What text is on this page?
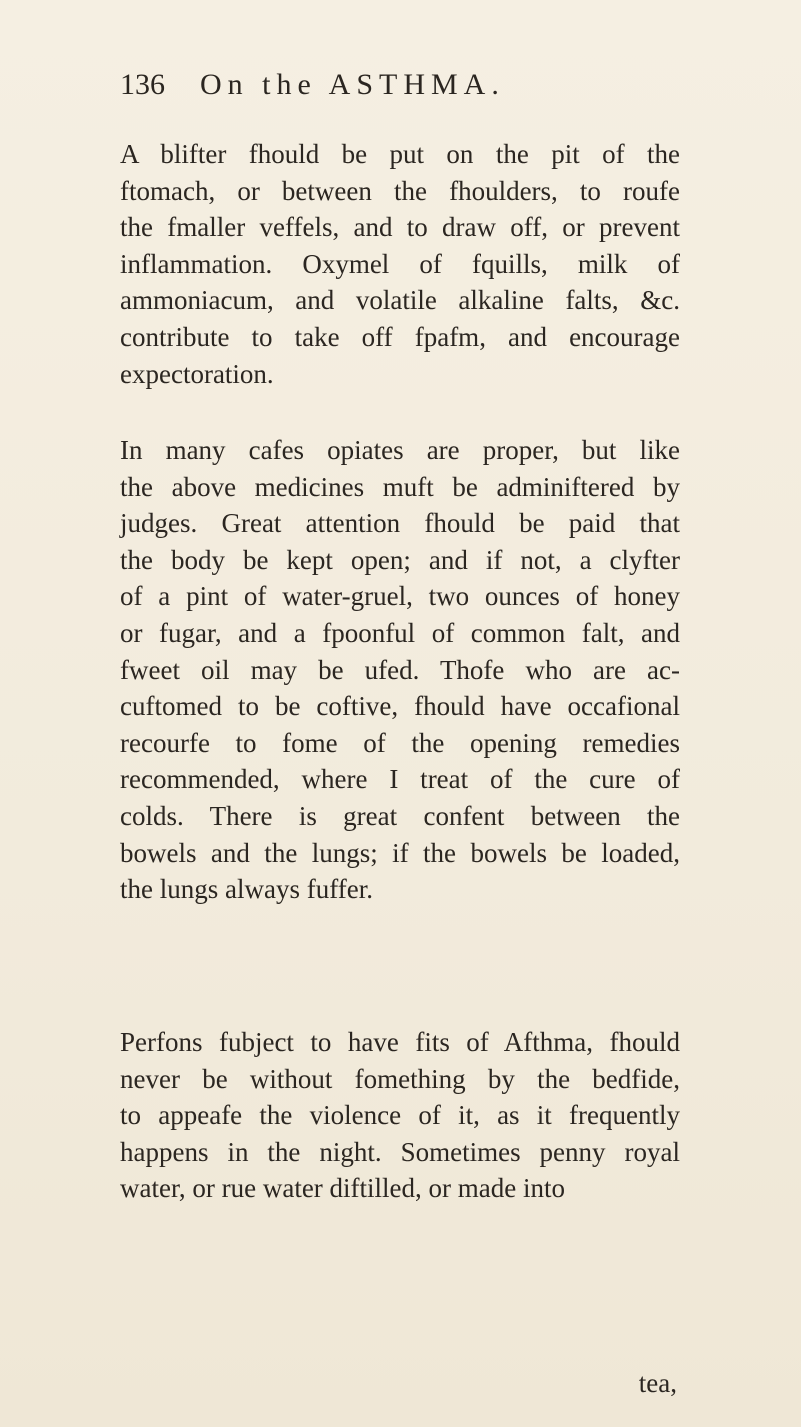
136 On the ASTHMA.
A blifter fhould be put on the pit of the
ftomach, or between the fhoulders, to roufe
the fmaller veffels, and to draw off, or prevent
inflammation. Oxymel of fquills, milk of
ammoniacum, and volatile alkaline falts, &c.
contribute to take off fpafm, and encourage
expectoration.
In many cafes opiates are proper, but like
the above medicines muft be adminiftered by
judges. Great attention fhould be paid that
the body be kept open; and if not, a clyfter
of a pint of water-gruel, two ounces of honey
or fugar, and a fpoonful of common falt, and
fweet oil may be ufed. Thofe who are ac-
cuftomed to be coftive, fhould have occafional
recourfe to fome of the opening remedies
recommended, where I treat of the cure of
colds. There is great confent between the
bowels and the lungs; if the bowels be loaded,
the lungs always fuffer.
Perfons fubject to have fits of Afthma, fhould
never be without fomething by the bedfide,
to appeafe the violence of it, as it frequently
happens in the night. Sometimes penny royal
water, or rue water diftilled, or made into
tea,
